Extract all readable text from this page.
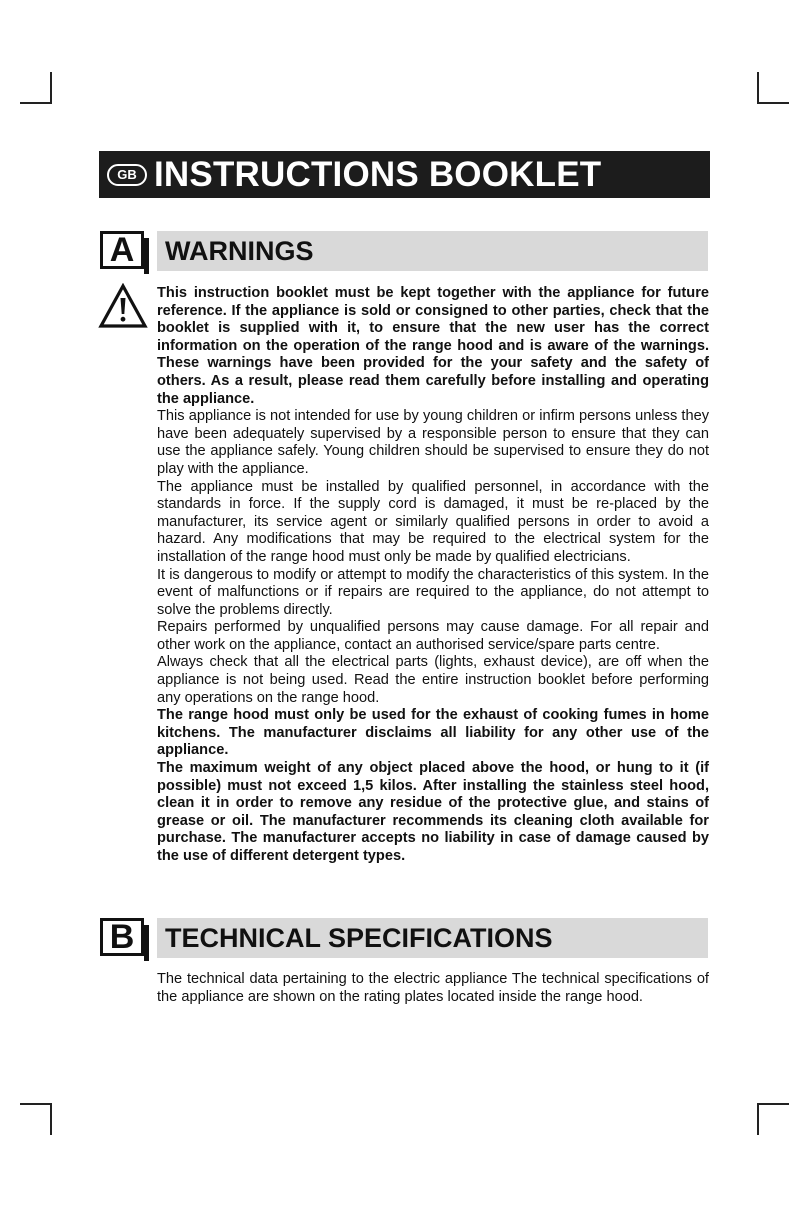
GB INSTRUCTIONS BOOKLET
A	WARNINGS

This instruction booklet must be kept together with the appliance for future reference. If the appliance is sold or consigned to other parties, check that the booklet is supplied with it, to ensure that the new user has the correct information on the operation of the range hood and is aware of the warnings. These warnings have been provided for the your safety and the safety of others. As a result, please read them carefully before installing and operating the appliance.

This appliance is not intended for use by young children or infirm persons unless they have been adequately supervised by a responsible person to ensure that they can use the appliance safely. Young children should be supervised to ensure they do not play with the appliance.

The appliance must be installed by qualified personnel, in accordance with the standards in force. If the supply cord is damaged, it must be re-placed by the manufacturer, its service agent or similarly qualified persons in order to avoid a hazard. Any modifications that may be required to the electrical system for the installation of the range hood must only be made by qualified electricians.

It is dangerous to modify or attempt to modify the characteristics of this system. In the event of malfunctions or if repairs are required to the appliance, do not attempt to solve the problems directly.

Repairs performed by unqualified persons may cause damage. For all repair and other work on the appliance, contact an authorised service/spare parts centre.

Always check that all the electrical parts (lights, exhaust device), are off when the appliance is not being used. Read the entire instruction booklet before performing any operations on the range hood.

The range hood must only be used for the exhaust of cooking fumes in home kitchens. The manufacturer disclaims all liability for any other use of the appliance.

The maximum weight of any object placed above the hood, or hung to it (if possible) must not exceed 1,5 kilos. After installing the stainless steel hood, clean it in order to remove any residue of the protective glue, and stains of grease or oil. The manufacturer recommends its cleaning cloth available for purchase. The manufacturer accepts no liability in case of damage caused by the use of different detergent types.

B	TECHNICAL SPECIFICATIONS

The technical data pertaining to the electric appliance The technical specifications of the appliance are shown on the rating plates located inside the range hood.
